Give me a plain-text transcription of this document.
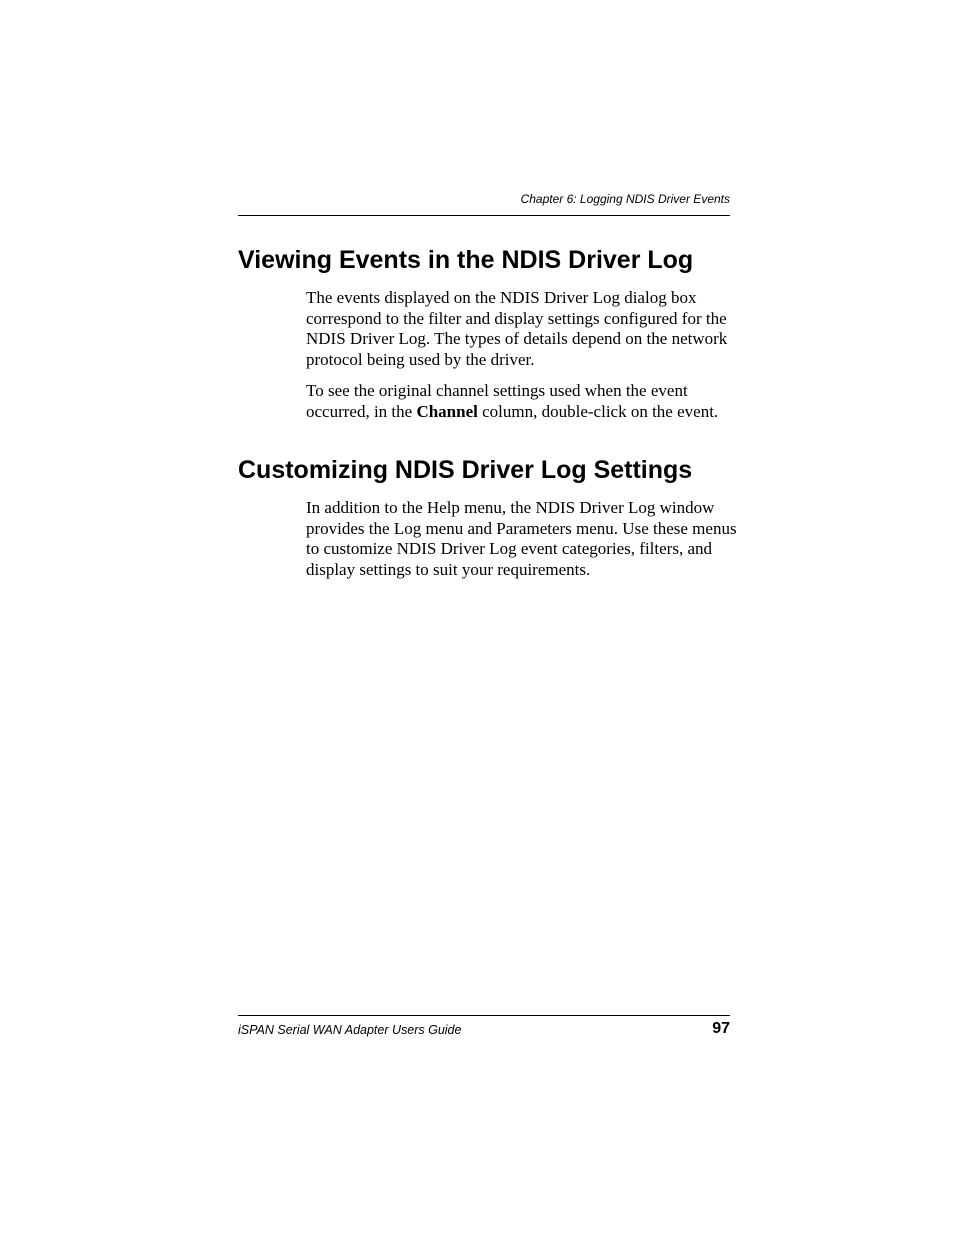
Chapter 6: Logging NDIS Driver Events
Viewing Events in the NDIS Driver Log

The events displayed on the NDIS Driver Log dialog box
correspond to the filter and display settings configured for the
NDIS Driver Log. The types of details depend on the network
protocol being used by the driver.

To see the original channel settings used when the event
occurred, in the Channel column, double-click on the event.

Customizing NDIS Driver Log Settings

In addition to the Help menu, the NDIS Driver Log window
provides the Log menu and Parameters menu. Use these menus
to customize NDIS Driver Log event categories, filters, and
display settings to suit your requirements.

iSPAN Serial WAN Adapter Users Guide	97
